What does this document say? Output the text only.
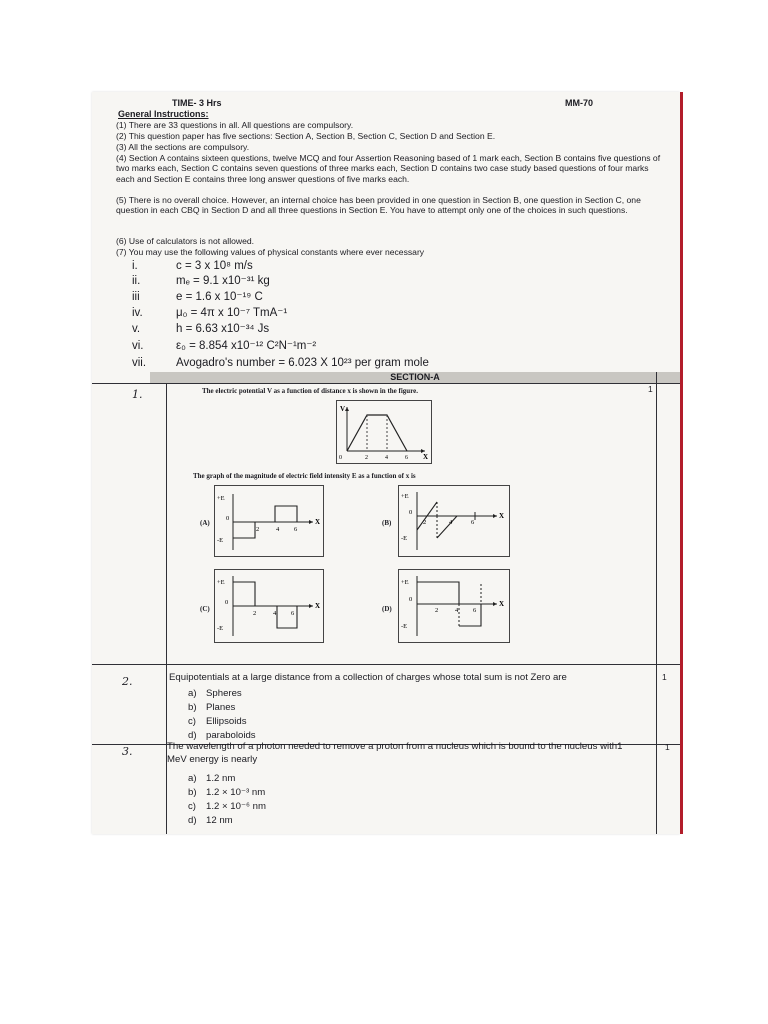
TIME- 3 Hrs	MM-70
General Instructions:
(1) There are 33 questions in all. All questions are compulsory.
(2) This question paper has five sections: Section A, Section B, Section C, Section D and Section E.
(3) All the sections are compulsory.
(4) Section A contains sixteen questions, twelve MCQ and four Assertion Reasoning based of 1 mark each, Section B contains five questions of two marks each, Section C contains seven questions of three marks each, Section D contains two case study based questions of four marks each and Section E contains three long answer questions of five marks each.
(5) There is no overall choice. However, an internal choice has been provided in one question in Section B, one question in Section C, one question in each CBQ in Section D and all three questions in Section E. You have to attempt only one of the choices in such questions.
(6) Use of calculators is not allowed.
(7) You may use the following values of physical constants where ever necessary
i.	c = 3 x 10⁸ m/s
ii.	mₑ = 9.1 x10⁻³¹ kg
iii	e = 1.6 x 10⁻¹⁹ C
iv.	μ₀ = 4π x 10⁻⁷ TmA⁻¹
v.	h = 6.63 x10⁻³⁴ Js
vi.	ε₀ = 8.854 x10⁻¹² C²N⁻¹m⁻²
vii.	Avogadro's number = 6.023 X 10²³ per gram mole
SECTION-A
1.	1
The electric potential V as a function of distance x is shown in the figure.
V
X
0	2	4	6
The graph of the magnitude of electric field intensity E as a function of x is
(A)
+E
-E
0
2	4 6
X	(B)
+E
-E
0
2	4	6
X
(C)
+E
-E
0
2	4 6
X	(D)
+E
-E
0
2	4 6
X
2.	1
Equipotentials at a large distance from a collection of charges whose total sum is not Zero are
a) Spheres
b) Planes
c) Ellipsoids
d) paraboloids
3.	1
The wavelength of a photon needed to remove a proton from a nucleus which is bound to the nucleus with1 MeV energy is nearly
a) 1.2 nm
b) 1.2 × 10⁻³ nm
c) 1.2 × 10⁻⁶ nm
d) 12 nm
